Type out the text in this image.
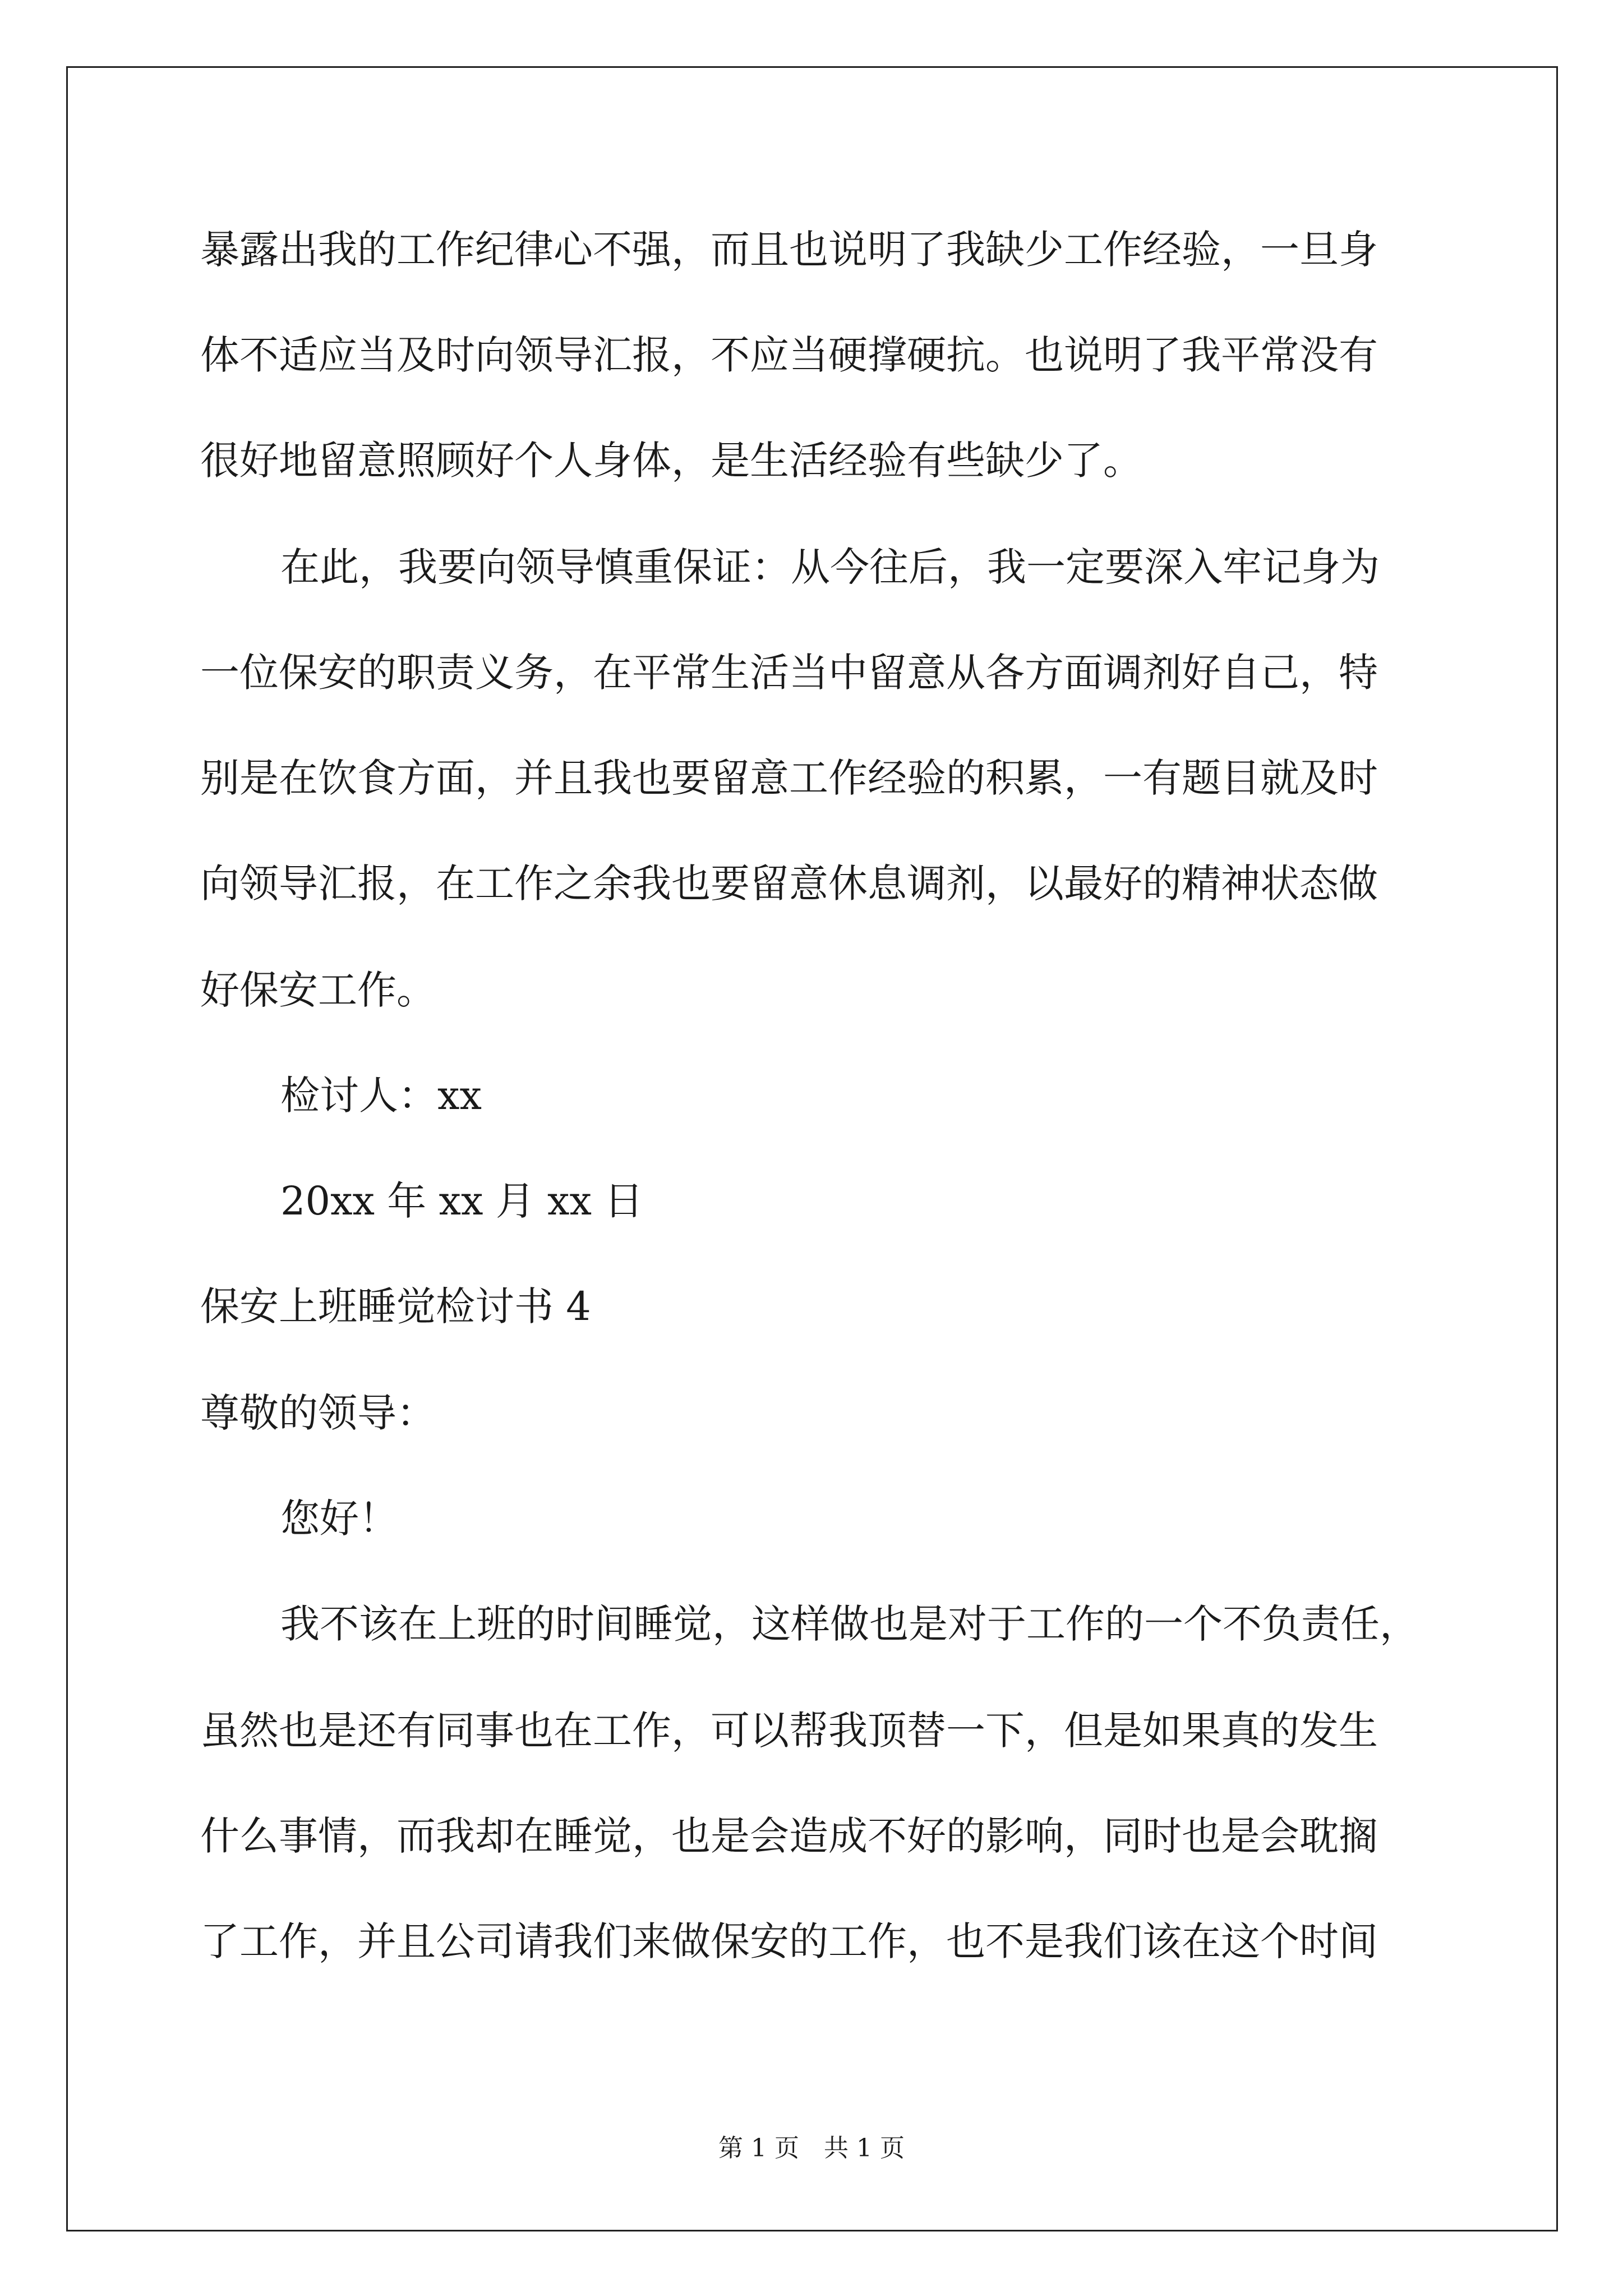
暴露出我的工作纪律心不强，而且也说明了我缺少工作经验，一旦身
体不适应当及时向领导汇报，不应当硬撑硬抗。也说明了我平常没有
很好地留意照顾好个人身体，是生活经验有些缺少了。
在此，我要向领导慎重保证：从今往后，我一定要深入牢记身为
一位保安的职责义务，在平常生活当中留意从各方面调剂好自己，特
别是在饮食方面，并且我也要留意工作经验的积累，一有题目就及时
向领导汇报，在工作之余我也要留意休息调剂，以最好的精神状态做
好保安工作。
检讨人：xx
20xx 年 xx 月 xx 日
保安上班睡觉检讨书 4
尊敬的领导：
您好！
我不该在上班的时间睡觉，这样做也是对于工作的一个不负责任，
虽然也是还有同事也在工作，可以帮我顶替一下，但是如果真的发生
什么事情，而我却在睡觉，也是会造成不好的影响，同时也是会耽搁
了工作，并且公司请我们来做保安的工作，也不是我们该在这个时间
第 1 页　共 1 页
